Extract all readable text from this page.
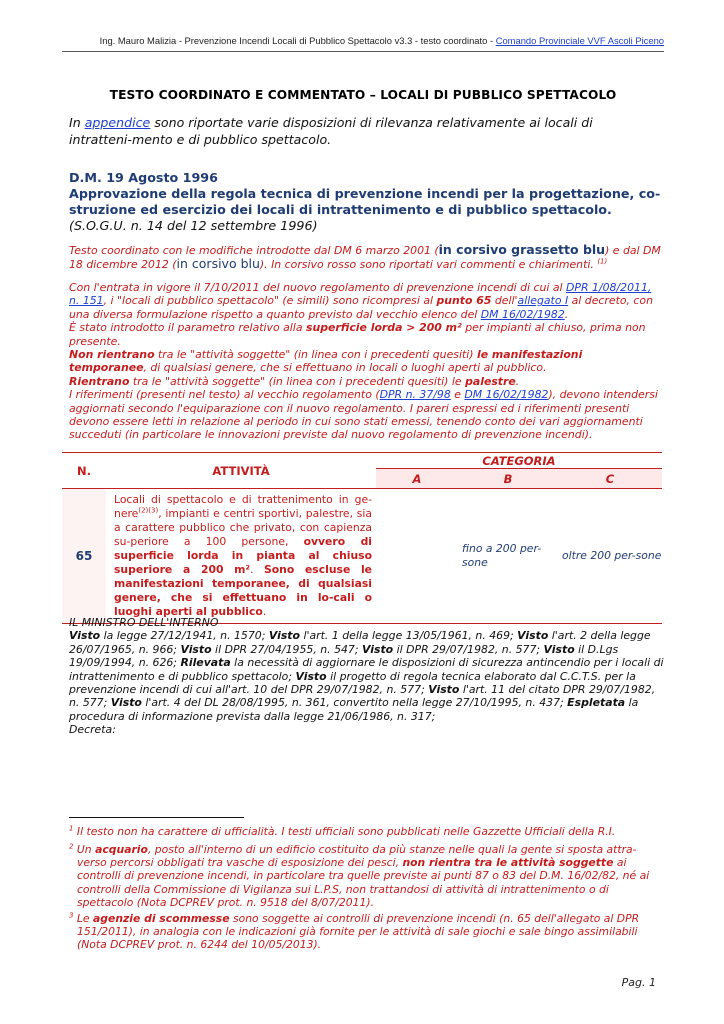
Ing. Mauro Malizia - Prevenzione Incendi Locali di Pubblico Spettacolo v3.3 - testo coordinato - Comando Provinciale VVF Ascoli Piceno
TESTO COORDINATO E COMMENTATO – LOCALI DI PUBBLICO SPETTACOLO
In appendice sono riportate varie disposizioni di rilevanza relativamente ai locali di intratteni-mento e di pubblico spettacolo.
D.M. 19 Agosto 1996
Approvazione della regola tecnica di prevenzione incendi per la progettazione, co-struzione ed esercizio dei locali di intrattenimento e di pubblico spettacolo.
(S.O.G.U. n. 14 del 12 settembre 1996)
Testo coordinato con le modifiche introdotte dal DM 6 marzo 2001 (in corsivo grassetto blu) e dal DM 18 dicembre 2012 (in corsivo blu). In corsivo rosso sono riportati vari commenti e chiarimenti. $^{(1)}$
Con l'entrata in vigore il 7/10/2011 del nuovo regolamento di prevenzione incendi di cui al DPR 1/08/2011, n. 151, i "locali di pubblico spettacolo" (e simili) sono ricompresi al punto 65 dell'allegato I al decreto, con una diversa formulazione rispetto a quanto previsto dal vecchio elenco del DM 16/02/1982.
È stato introdotto il parametro relativo alla superficie lorda > 200 m² per impianti al chiuso, prima non presente.
Non rientrano tra le "attività soggette" (in linea con i precedenti quesiti) le manifestazioni temporanee, di qualsiasi genere, che si effettuano in locali o luoghi aperti al pubblico.
Rientrano tra le "attività soggette" (in linea con i precedenti quesiti) le palestre.
I riferimenti (presenti nel testo) al vecchio regolamento (DPR n. 37/98 e DM 16/02/1982), devono intendersi aggiornati secondo l'equiparazione con il nuovo regolamento. I pareri espressi ed i riferimenti presenti devono essere letti in relazione al periodo in cui sono stati emessi, tenendo conto dei vari aggiornamenti succeduti (in particolare le innovazioni previste dal nuovo regolamento di prevenzione incendi).
N.	ATTIVITÀ	CATEGORIA		
		A	B	C
65	Locali di spettacolo e di trattenimento in ge-nere$^{(2)(3)}$, impianti e centri sportivi, palestre, sia a carattere pubblico che privato, con capienza su-periore a 100 persone, ovvero di superficie lorda in pianta al chiuso superiore a 200 m². Sono escluse le manifestazioni temporanee, di qualsiasi genere, che si effettuano in lo-cali o luoghi aperti al pubblico.		fino a 200 per-sone	oltre 200 per-sone
IL MINISTRO DELL'INTERNO
Visto la legge 27/12/1941, n. 1570; Visto l'art. 1 della legge 13/05/1961, n. 469; Visto l'art. 2 della legge 26/07/1965, n. 966; Visto il DPR 27/04/1955, n. 547; Visto il DPR 29/07/1982, n. 577; Visto il D.Lgs 19/09/1994, n. 626; Rilevata la necessità di aggiornare le disposizioni di sicurezza antincendio per i locali di intrattenimento e di pubblico spettacolo; Visto il progetto di regola tecnica elaborato dal C.C.T.S. per la prevenzione incendi di cui all'art. 10 del DPR 29/07/1982, n. 577; Visto l'art. 11 del citato DPR 29/07/1982, n. 577; Visto l'art. 4 del DL 28/08/1995, n. 361, convertito nella legge 27/10/1995, n. 437; Espletata la procedura di informazione prevista dalla legge 21/06/1986, n. 317;
Decreta:
$^1$ Il testo non ha carattere di ufficialità. I testi ufficiali sono pubblicati nelle Gazzette Ufficiali della R.I.
$^2$ Un acquario, posto all'interno di un edificio costituito da più stanze nelle quali la gente si sposta attra-verso percorsi obbligati tra vasche di esposizione dei pesci, non rientra tra le attività soggette ai controlli di prevenzione incendi, in particolare tra quelle previste ai punti 87 o 83 del D.M. 16/02/82, né ai controlli della Commissione di Vigilanza sui L.P.S, non trattandosi di attività di intrattenimento o di spettacolo (Nota DCPREV prot. n. 9518 del 8/07/2011).
$^3$ Le agenzie di scommesse sono soggette ai controlli di prevenzione incendi (n. 65 dell'allegato al DPR 151/2011), in analogia con le indicazioni già fornite per le attività di sale giochi e sale bingo assimilabili (Nota DCPREV prot. n. 6244 del 10/05/2013).
Pag. 1
